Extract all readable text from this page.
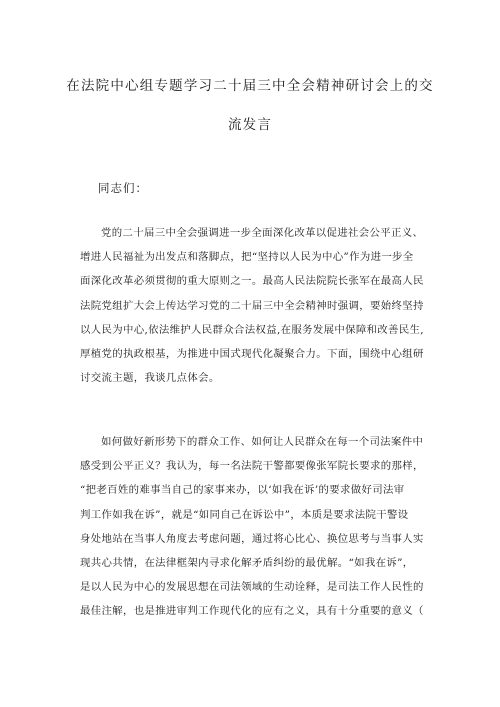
在法院中心组专题学习二十届三中全会精神研讨会上的交
流发言
同志们：
党的二十届三中全会强调进一步全面深化改革以促进社会公平正义、
增进人民福祉为出发点和落脚点，把“坚持以人民为中心”作为进一步全
面深化改革必须贯彻的重大原则之一。最高人民法院院长张军在最高人民
法院党组扩大会上传达学习党的二十届三中全会精神时强调，要始终坚持
以人民为中心,依法维护人民群众合法权益,在服务发展中保障和改善民生,
厚植党的执政根基，为推进中国式现代化凝聚合力。下面，围绕中心组研
讨交流主题，我谈几点体会。
如何做好新形势下的群众工作、如何让人民群众在每一个司法案件中
感受到公平正义？我认为，每一名法院干警都要像张军院长要求的那样，
“把老百姓的难事当自己的家事来办，以‘如我在诉’的要求做好司法审
判工作如我在诉”，就是“如同自己在诉讼中”，本质是要求法院干警设
身处地站在当事人角度去考虑问题，通过将心比心、换位思考与当事人实
现共心共情，在法律框架内寻求化解矛盾纠纷的最优解。“如我在诉”，
是以人民为中心的发展思想在司法领域的生动诠释，是司法工作人民性的
最佳注解，也是推进审判工作现代化的应有之义，具有十分重要的意义（
